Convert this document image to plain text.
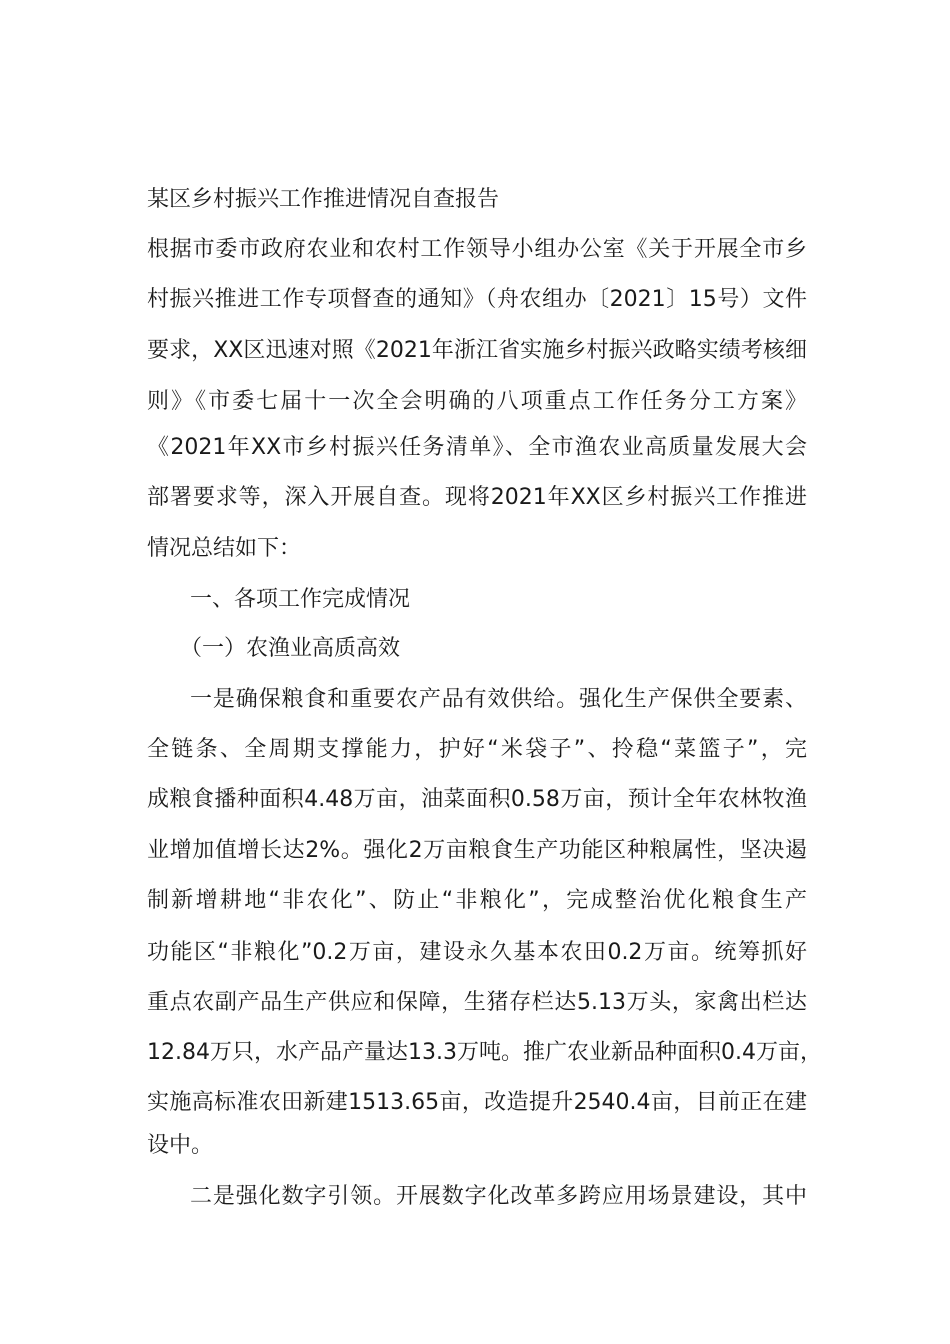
某区乡村振兴工作推进情况自查报告
根据市委市政府农业和农村工作领导小组办公室《关于开展全市乡
村振兴推进工作专项督查的通知》（舟农组办〔2021〕15号）文件
要求，XX区迅速对照《2021年浙江省实施乡村振兴政略实绩考核细
则》《市委七届十一次全会明确的八项重点工作任务分工方案》
《2021年XX市乡村振兴任务清单》、全市渔农业高质量发展大会
部署要求等，深入开展自查。现将2021年XX区乡村振兴工作推进
情况总结如下：
一、各项工作完成情况
（一）农渔业高质高效
一是确保粮食和重要农产品有效供给。强化生产保供全要素、
全链条、全周期支撑能力，护好“米袋子”、拎稳“菜篮子”，完
成粮食播种面积4.48万亩，油菜面积0.58万亩，预计全年农林牧渔
业增加值增长达2%。强化2万亩粮食生产功能区种粮属性，坚决遏
制新增耕地“非农化”、防止“非粮化”，完成整治优化粮食生产
功能区“非粮化”0.2万亩，建设永久基本农田0.2万亩。统筹抓好
重点农副产品生产供应和保障，生猪存栏达5.13万头，家禽出栏达
12.84万只，水产品产量达13.3万吨。推广农业新品种面积0.4万亩，
实施高标准农田新建1513.65亩，改造提升2540.4亩，目前正在建
设中。
二是强化数字引领。开展数字化改革多跨应用场景建设，其中
